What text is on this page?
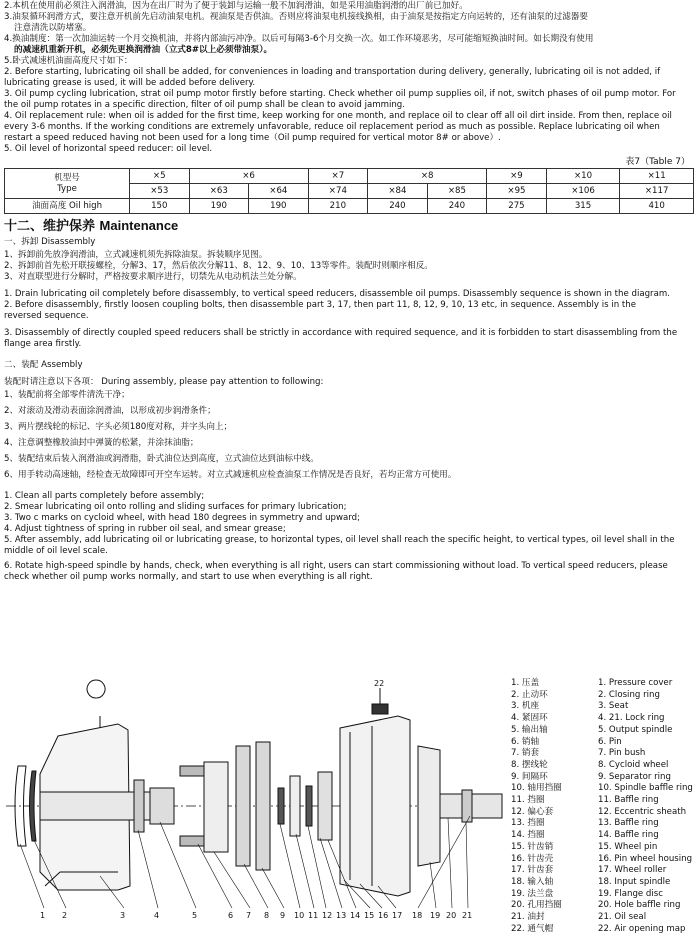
2.本机在使用前必须注入润滑油，因为在出厂时为了便于装卸与运输一般不加润滑油，如是采用油脂润滑的出厂前已加好。

3.油泵循环润滑方式，要注意开机前先启动油泵电机。视油泵是否供油。否则应将油泵电机接线换相，由于油泵是按指定方向运转的，还有油泵的过滤器要

注意清洗以防堵塞。

4.换油制度：第一次加油运转一个月交换机油，并将内部油污冲净。以后可每隔3-6个月交换一次。如工作环境恶劣，尽可能缩短换油时间。如长期没有使用

的减速机重新开机，必须先更换润滑油（立式8#以上必须带油泵）。

5.卧式减速机油面高度尺寸如下：

2. Before starting, lubricating oil shall be added, for conveniences in loading and transportation during delivery, generally, lubricating oil is not added, if

lubricating grease is used, it will be added before delivery.

3. Oil pump cycling lubrication, strat oil pump motor firstly before starting. Check whether oil pump supplies oil, if not, switch phases of oil pump motor. For

the oil pump rotates in a specific direction, filter of oil pump shall be clean to avoid jamming.

4. Oil replacement rule: when oil is added for the first time, keep working for one month, and replace oil to clear off all oil dirt inside. From then, replace oil

every 3-6 months. If the working conditions are extremely unfavorable, reduce oil replacement period as much as possible. Replace lubricating oil when

restart a speed reduced having not been used for a long time（Oil pump required for vertical motor 8# or above）.

5. Oil level of horizontal speed reducer: oil level.

表7（Table 7）
机型号
Type	×5	×6		×7	×8		×9	×10	×11
	×53	×63	×64	×74	×84	×85	×95	×106	×117
油面高度 Oil high	150	190	190	210	240	240	275	315	410
十二、维护保养 Maintenance

一、拆卸 Disassembly

1、拆卸前先放净润滑油，立式减速机须先拆除油泵。拆装顺序见图。

2、拆卸前首先松开联接螺栓，分解3、17，然后依次分解11、8、12、9、10、13等零件。装配时则顺序相反。

3、对直联型进行分解时，严格按要求顺序进行，切禁先从电动机法兰处分解。

1. Drain lubricating oil completely before disassembly, to vertical speed reducers, disassemble oil pumps. Disassembly sequence is shown in the diagram.

2. Before disassembly, firstly loosen coupling bolts, then disassemble part 3, 17, then part 11, 8, 12, 9, 10, 13 etc, in sequence. Assembly is in the

reversed sequence.

3. Disassembly of directly coupled speed reducers shall be strictly in accordance with required sequence, and it is forbidden to start disassembling from the

flange area firstly.

二、装配 Assembly

装配时请注意以下各项： During assembly, please pay attention to following:

1、装配前将全部零件清洗干净；

2、对滚动及滑动表面涂润滑油，以形成初步润滑条件；

3、两片摆线轮的标记、字头必须180度对称，并字头向上；

4、注意调整橡胶油封中弹簧的松紧，并涂抹油脂；

5、装配结束后装入润滑油或润滑脂，卧式油位达到高度，立式油位达到油标中线。

6、用手转动高速轴，经检查无故障即可开空车运转。对立式减速机应检查油泵工作情况是否良好，若均正常方可使用。

1. Clean all parts completely before assembly;

2. Smear lubricating oil onto rolling and sliding surfaces for primary lubrication;

3. Two c marks on cycloid wheel, with head 180 degrees in symmetry and upward;

4. Adjust tightness of spring in rubber oil seal, and smear grease;

5. After assembly, add lubricating oil or lubricating grease, to horizontal types, oil level shall reach the specific height, to vertical types, oil level shall in the

middle of oil level scale.

6. Rotate high-speed spindle by hands, check, when everything is all right, users can start commissioning without load. To vertical speed reducers, please

check whether oil pump works normally, and start to use when everything is all right.

1 2	3	4	5	6 7 8 9 10 11 12 13 14 15 16 17 18 19 20 21
22	1. 压盖
2. 止动环
3. 机座
4. 紧固环
5. 输出轴
6. 销轴
7. 销套
8. 摆线轮
9. 间隔环
10. 轴用挡圈
11. 挡圈
12. 偏心套
13. 挡圈
14. 挡圈
15. 针齿销
16. 针齿壳
17. 针齿套
18. 输入轴
19. 法兰盘
20. 孔用挡圈
21. 油封
22. 通气帽
1. Pressure cover
2. Closing ring
3. Seat
4. 21. Lock ring
5. Output spindle
6. Pin
7. Pin bush
8. Cycloid wheel
9. Separator ring
10. Spindle baffle ring
11. Baffle ring
12. Eccentric sheath
13. Baffle ring
14. Baffle ring
15. Wheel pin
16. Pin wheel housing
17. Wheel roller
18. Input spindle
19. Flange disc
20. Hole baffle ring
21. Oil seal
22. Air opening map
